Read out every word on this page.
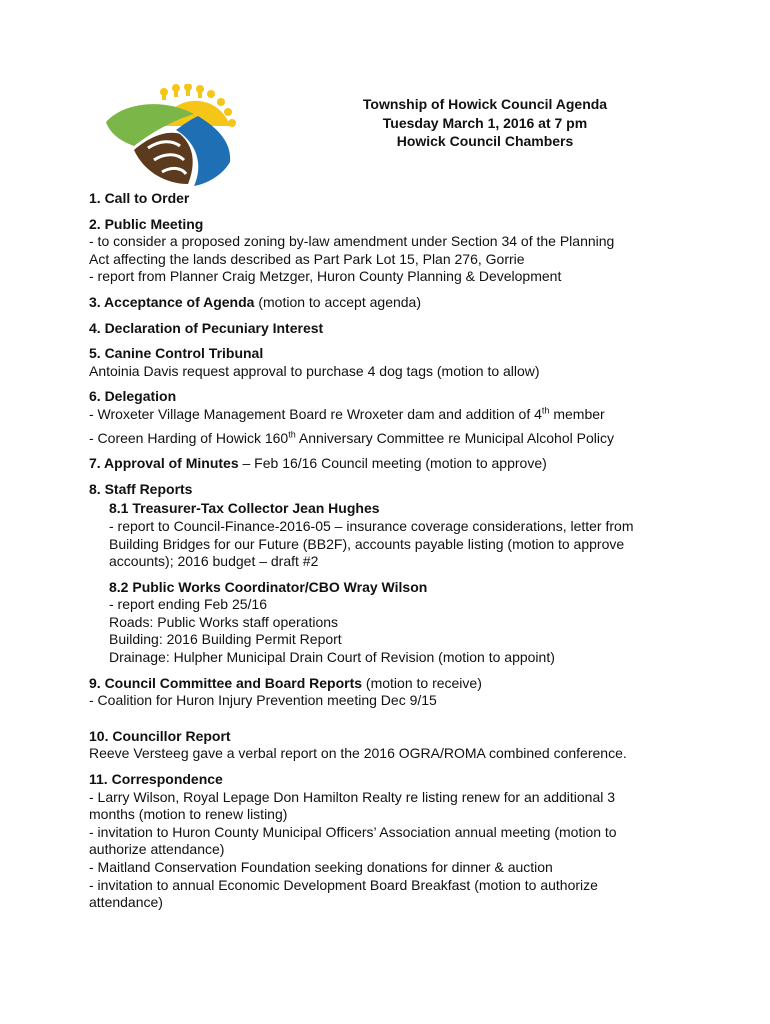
Township of Howick Council Agenda
Tuesday March 1, 2016 at 7 pm
Howick Council Chambers
1. Call to Order
2. Public Meeting
- to consider a proposed zoning by-law amendment under Section 34 of the Planning
Act affecting the lands described as Part Park Lot 15, Plan 276, Gorrie
- report from Planner Craig Metzger, Huron County Planning & Development
3. Acceptance of Agenda (motion to accept agenda)
4. Declaration of Pecuniary Interest
5. Canine Control Tribunal
Antoinia Davis request approval to purchase 4 dog tags (motion to allow)
6. Delegation
- Wroxeter Village Management Board re Wroxeter dam and addition of 4th member
- Coreen Harding of Howick 160th Anniversary Committee re Municipal Alcohol Policy
7. Approval of Minutes – Feb 16/16 Council meeting (motion to approve)
8. Staff Reports
8.1 Treasurer-Tax Collector Jean Hughes
- report to Council-Finance-2016-05 – insurance coverage considerations, letter from
Building Bridges for our Future (BB2F), accounts payable listing (motion to approve
accounts); 2016 budget – draft #2
8.2 Public Works Coordinator/CBO Wray Wilson
- report ending Feb 25/16
Roads: Public Works staff operations
Building: 2016 Building Permit Report
Drainage: Hulpher Municipal Drain Court of Revision (motion to appoint)
9. Council Committee and Board Reports (motion to receive)
- Coalition for Huron Injury Prevention meeting Dec 9/15
10. Councillor Report
Reeve Versteeg gave a verbal report on the 2016 OGRA/ROMA combined conference.
11. Correspondence
- Larry Wilson, Royal Lepage Don Hamilton Realty re listing renew for an additional 3
months (motion to renew listing)
- invitation to Huron County Municipal Officers’ Association annual meeting (motion to
authorize attendance)
- Maitland Conservation Foundation seeking donations for dinner & auction
- invitation to annual Economic Development Board Breakfast (motion to authorize
attendance)
